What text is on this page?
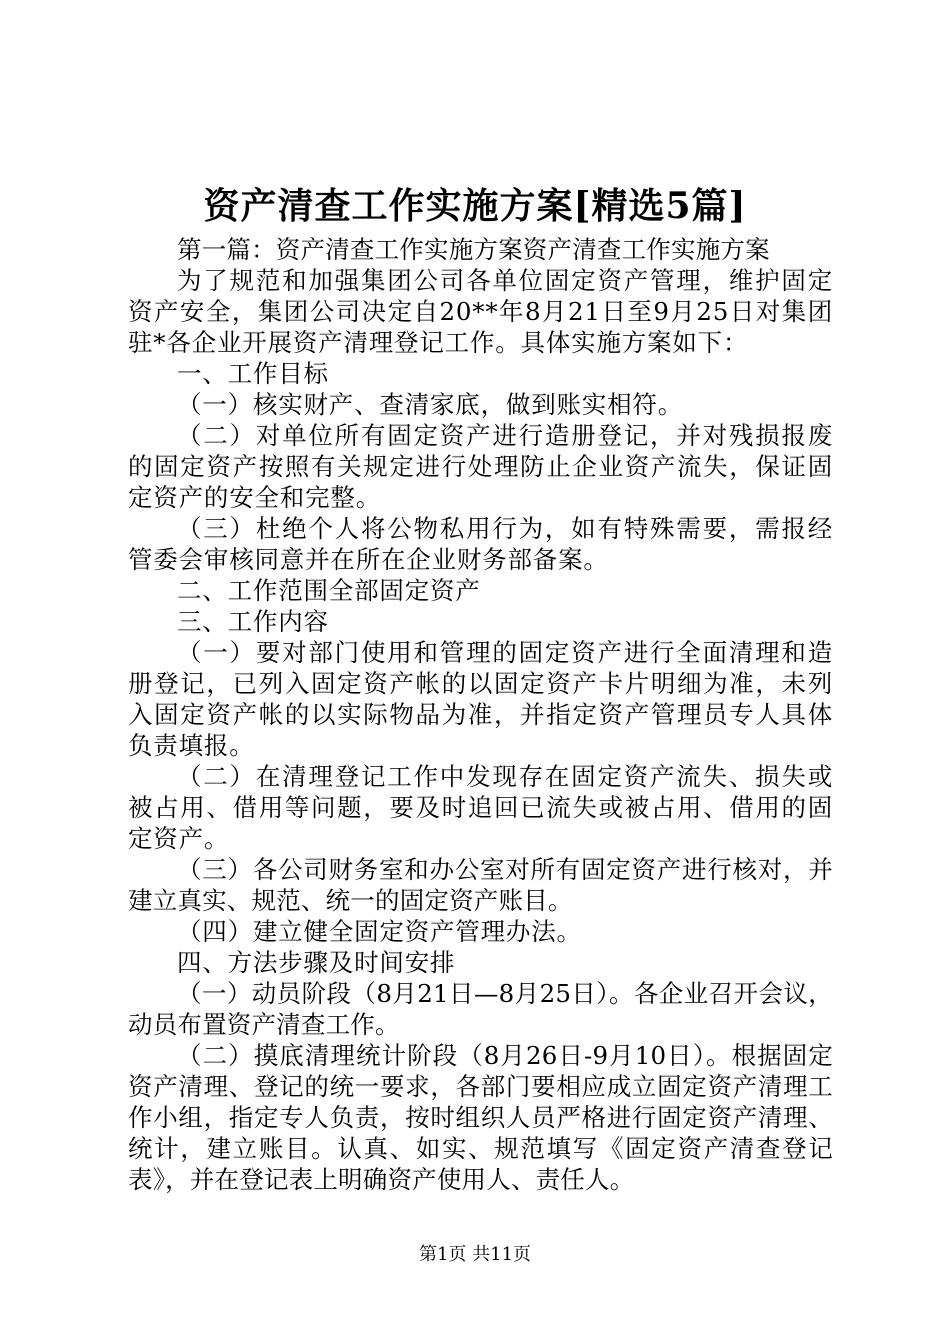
资产清查工作实施方案[精选5篇]

第一篇：资产清查工作实施方案资产清查工作实施方案

为了规范和加强集团公司各单位固定资产管理，维护固定资产安全，集团公司决定自20**年8月21日至9月25日对集团驻*各企业开展资产清理登记工作。具体实施方案如下：

一、工作目标

（一）核实财产、查清家底，做到账实相符。

（二）对单位所有固定资产进行造册登记，并对残损报废的固定资产按照有关规定进行处理防止企业资产流失，保证固定资产的安全和完整。

（三）杜绝个人将公物私用行为，如有特殊需要，需报经管委会审核同意并在所在企业财务部备案。

二、工作范围全部固定资产

三、工作内容

（一）要对部门使用和管理的固定资产进行全面清理和造册登记，已列入固定资产帐的以固定资产卡片明细为准，未列入固定资产帐的以实际物品为准，并指定资产管理员专人具体负责填报。

（二）在清理登记工作中发现存在固定资产流失、损失或被占用、借用等问题，要及时追回已流失或被占用、借用的固定资产。

（三）各公司财务室和办公室对所有固定资产进行核对，并建立真实、规范、统一的固定资产账目。

（四）建立健全固定资产管理办法。

四、方法步骤及时间安排

（一）动员阶段（8月21日—8月25日）。各企业召开会议，动员布置资产清查工作。

（二）摸底清理统计阶段（8月26日-9月10日）。根据固定资产清理、登记的统一要求，各部门要相应成立固定资产清理工作小组，指定专人负责，按时组织人员严格进行固定资产清理、统计，建立账目。认真、如实、规范填写《固定资产清查登记表》，并在登记表上明确资产使用人、责任人。

第1页 共11页
